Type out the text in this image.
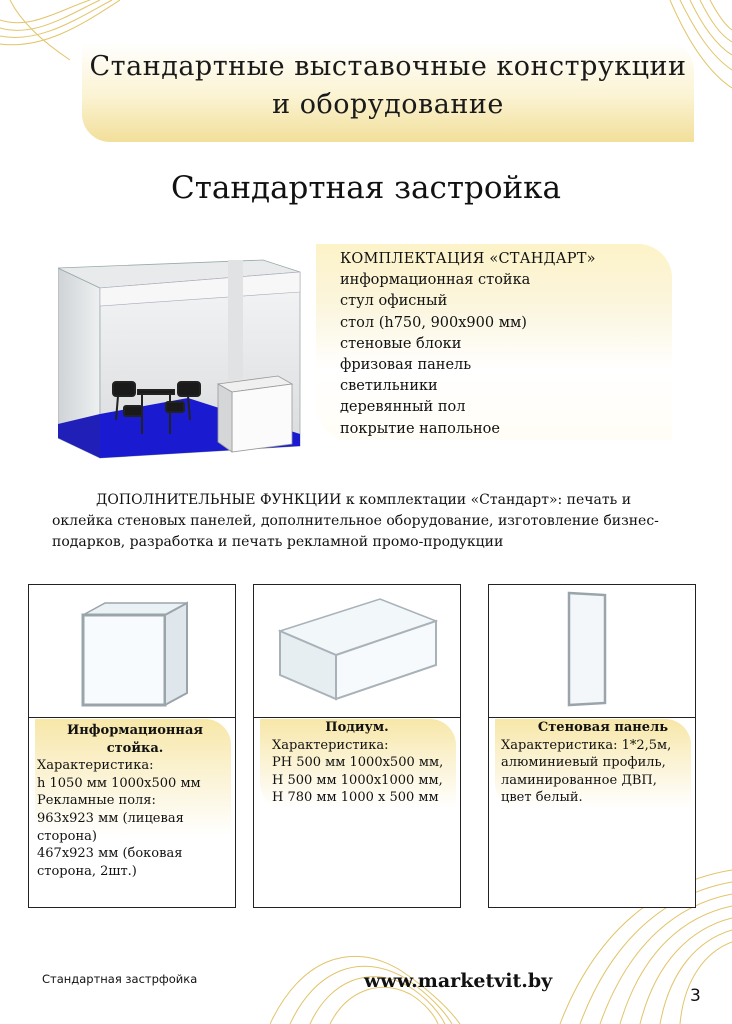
Стандартные выставочные конструкции
и оборудование
Стандартная застройка
КОМПЛЕКТАЦИЯ «СТАНДАРТ»
информационная стойка
стул офисный
стол (h750, 900х900 мм)
стеновые блоки
фризовая панель
светильники
деревянный пол
покрытие напольное

ДОПОЛНИТЕЛЬНЫЕ ФУНКЦИИ к комплектации «Стандарт»: печать и оклейка стеновых панелей, дополнительное оборудование, изготовление бизнес-подарков, разработка и печать рекламной промо-продукции

Информационная стойка.
Характеристика:
h 1050 мм 1000х500 мм
Рекламные поля:
963х923 мм (лицевая
сторона)
467х923 мм (боковая
сторона, 2шт.)
Подиум.
Характеристика:
РН 500 мм 1000х500 мм,
Н 500 мм 1000х1000 мм,
Н 780 мм 1000 х 500 мм
Стеновая панель
Характеристика: 1*2,5м,
алюминиевый профиль,
ламинированное ДВП,
цвет белый.
Стандартная застрфойка	www.marketvit.by
3
